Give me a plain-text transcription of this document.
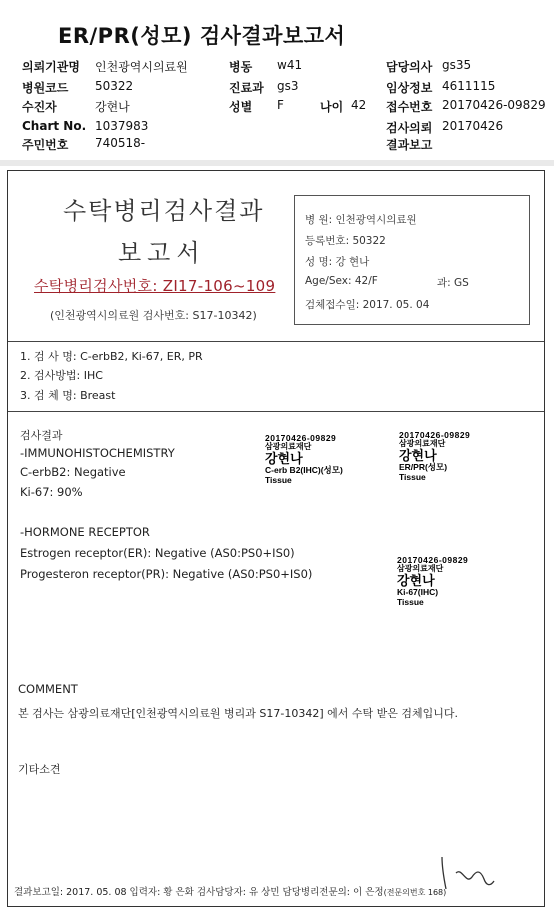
ER/PR(성모) 검사결과보고서
의뢰기관명 인천광역시의료원	병동 w41	담당의사 gs35
병원코드 50322	진료과 gs3	임상정보 4611115
수진자	강현나	성별 F	나이 42 접수번호 20170426-09829
Chart No. 1037983	검사의뢰 20170426
주민번호 740518-	결과보고
수탁병리검사결과
보고서
수탁병리검사번호: ZI17-106~109
(인천광역시의료원 검사번호: S17-10342)
병 원: 인천광역시의료원
등록번호: 50322
성 명: 강 현나
Age/Sex: 42/F	과: GS
검체접수일: 2017. 05. 04
1. 검 사 명: C-erbB2, Ki-67, ER, PR
2. 검사방법: IHC
3. 검 체 명: Breast
검사결과
-IMMUNOHISTOCHEMISTRY
C-erbB2: Negative
Ki-67: 90%
-HORMONE RECEPTOR
Estrogen receptor(ER): Negative (AS0:PS0+IS0)
Progesteron receptor(PR): Negative (AS0:PS0+IS0)
20170426-09829
삼광의료재단
강현나
C-erb B2(IHC)(성모)
Tissue
20170426-09829
삼광의료재단
강현나
ER/PR(성모)
Tissue
20170426-09829
삼광의료재단
강현나
Ki-67(IHC)
Tissue
COMMENT
본 검사는 삼광의료재단[인천광역시의료원 병리과 S17-10342] 에서 수탁 받은 검체입니다.
기타소견
결과보고일: 2017. 05. 08 입력자: 황 은화 검사담당자: 유 상민 담당병리전문의: 이 은정(전문의번호 168)
